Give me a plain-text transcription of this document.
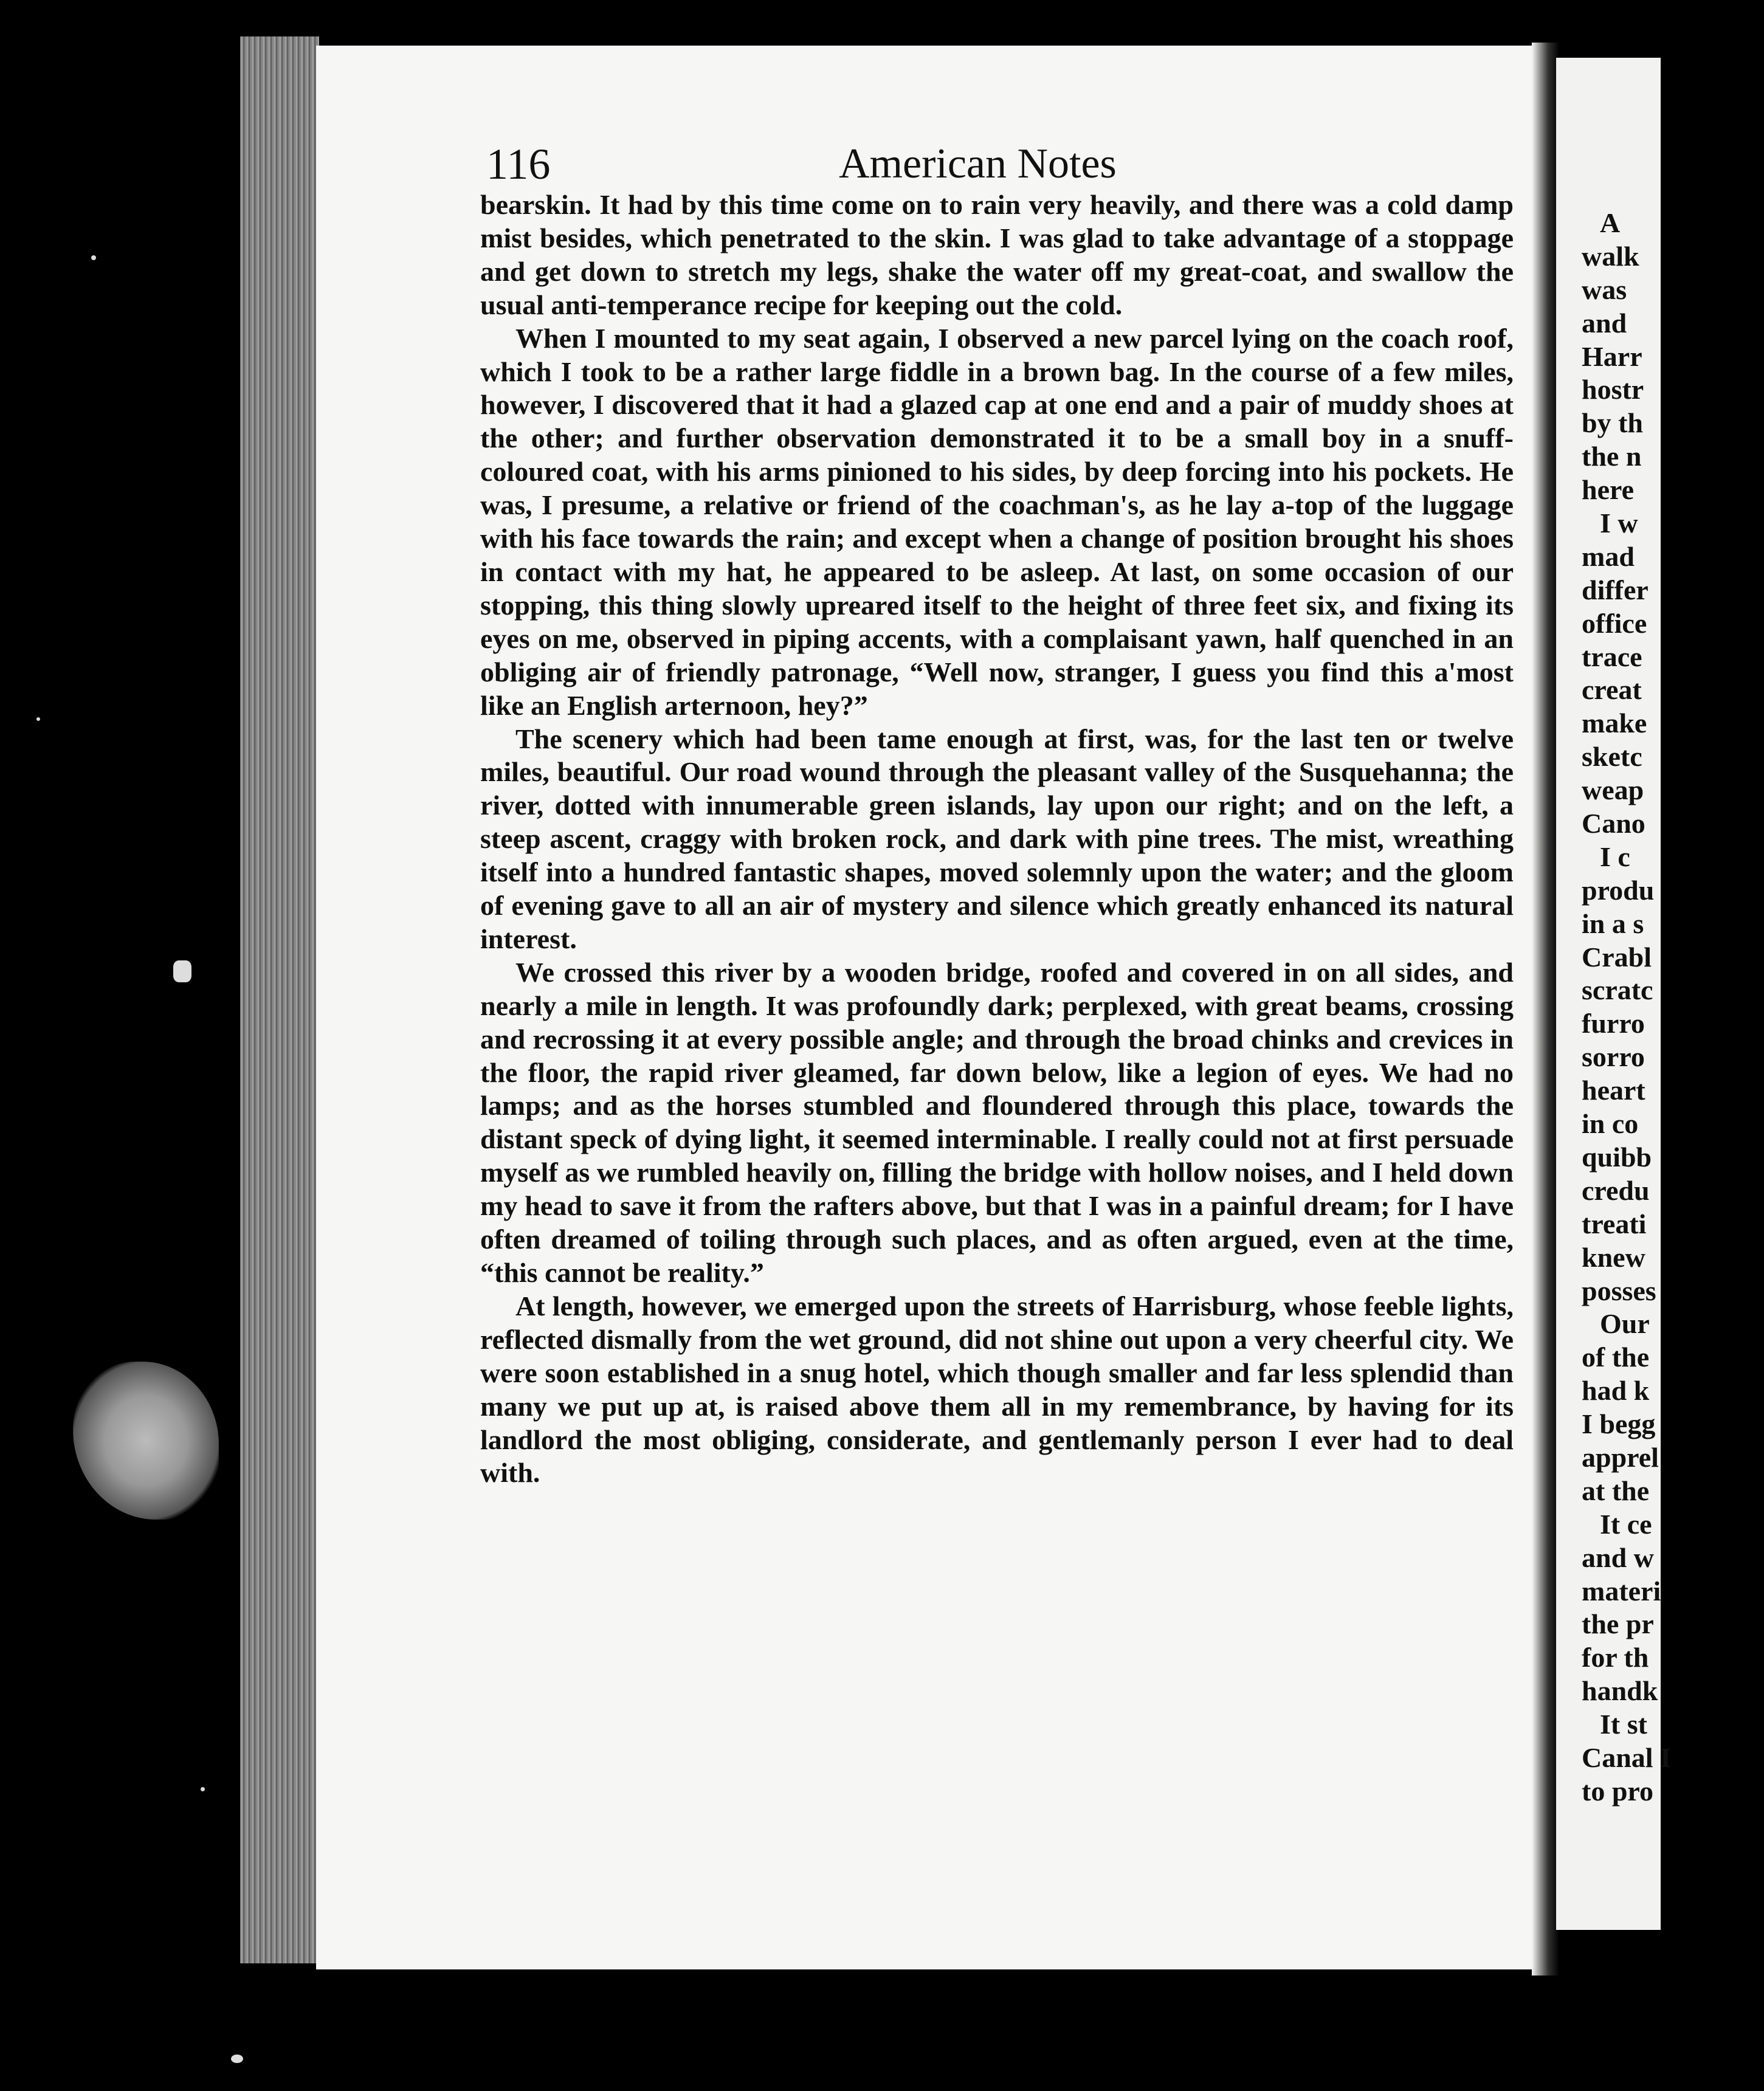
A
walk
was
and
Harr
hostr
by th
the n
here
I w
mad
differ
office
trace
creat
make
sketc
weap
Cano
I c
produ
in a s
Crabl
scratc
furro
sorro
heart
in co
quibb
credu
treati
knew
posses
Our
of the
had k
I begg
apprel
at the
It ce
and w
materi
the pr
for th
handk
It st
Canal I
to pro
116	American Notes

bearskin. It had by this time come on to rain very heavily, and there was a cold damp mist besides, which penetrated to the skin. I was glad to take advantage of a stoppage and get down to stretch my legs, shake the water off my great-coat, and swallow the usual anti-temperance recipe for keeping out the cold.

When I mounted to my seat again, I observed a new parcel lying on the coach roof, which I took to be a rather large fiddle in a brown bag. In the course of a few miles, however, I discovered that it had a glazed cap at one end and a pair of muddy shoes at the other; and further observation demonstrated it to be a small boy in a snuff-coloured coat, with his arms pinioned to his sides, by deep forcing into his pockets. He was, I presume, a relative or friend of the coachman's, as he lay a-top of the luggage with his face towards the rain; and except when a change of position brought his shoes in contact with my hat, he appeared to be asleep. At last, on some occasion of our stopping, this thing slowly upreared itself to the height of three feet six, and fixing its eyes on me, observed in piping accents, with a complaisant yawn, half quenched in an obliging air of friendly patronage, “Well now, stranger, I guess you find this a'most like an English arternoon, hey?”

The scenery which had been tame enough at first, was, for the last ten or twelve miles, beautiful. Our road wound through the pleasant valley of the Susquehanna; the river, dotted with innumerable green islands, lay upon our right; and on the left, a steep ascent, craggy with broken rock, and dark with pine trees. The mist, wreathing itself into a hundred fantastic shapes, moved solemnly upon the water; and the gloom of evening gave to all an air of mystery and silence which greatly enhanced its natural interest.

We crossed this river by a wooden bridge, roofed and covered in on all sides, and nearly a mile in length. It was profoundly dark; perplexed, with great beams, crossing and recrossing it at every possible angle; and through the broad chinks and crevices in the floor, the rapid river gleamed, far down below, like a legion of eyes. We had no lamps; and as the horses stumbled and floundered through this place, towards the distant speck of dying light, it seemed interminable. I really could not at first persuade myself as we rumbled heavily on, filling the bridge with hollow noises, and I held down my head to save it from the rafters above, but that I was in a painful dream; for I have often dreamed of toiling through such places, and as often argued, even at the time, “this cannot be reality.”

At length, however, we emerged upon the streets of Harrisburg, whose feeble lights, reflected dismally from the wet ground, did not shine out upon a very cheerful city. We were soon established in a snug hotel, which though smaller and far less splendid than many we put up at, is raised above them all in my remembrance, by having for its landlord the most obliging, considerate, and gentlemanly person I ever had to deal with.
